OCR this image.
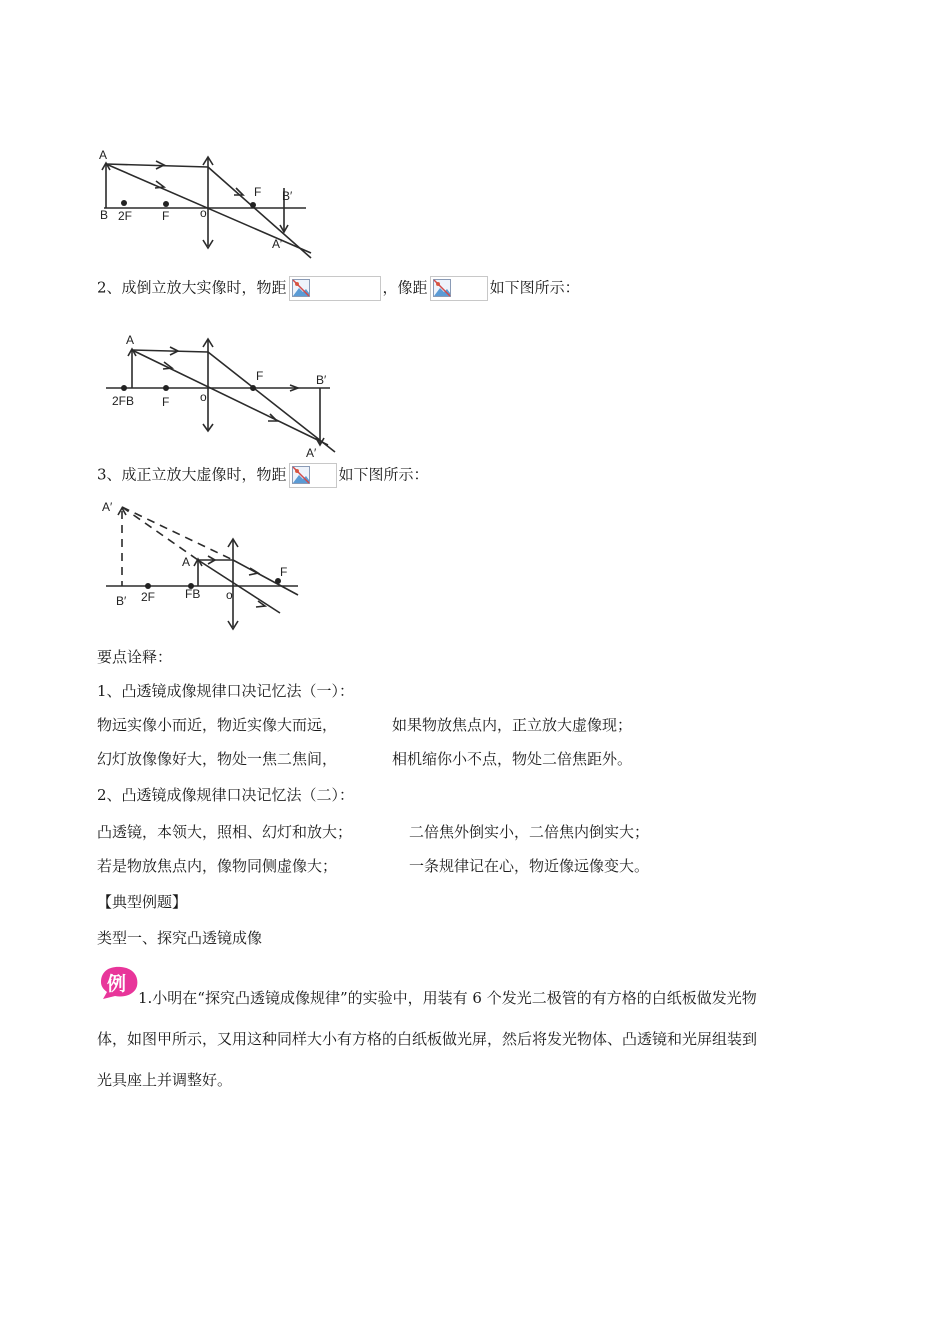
A
B 2F F	o
F B′
A′
2、成倒立放大实像时，物距	，像距	如下图所示：
A
2FB F	o
F	B′
A′
3、成正立放大虚像时，物距	如下图所示：
A′
B′ 2F FB
A
o
F
要点诠释：
1、凸透镜成像规律口决记忆法（一）：
物远实像小而近，物近实像大而远，	如果物放焦点内，正立放大虚像现；
幻灯放像像好大，物处一焦二焦间，	相机缩你小不点，物处二倍焦距外。
2、凸透镜成像规律口决记忆法（二）：
凸透镜，本领大，照相、幻灯和放大；	二倍焦外倒实小，二倍焦内倒实大；
若是物放焦点内，像物同侧虚像大；	一条规律记在心，物近像远像变大。
【典型例题】
类型一、探究凸透镜成像
例
1.小明在“探究凸透镜成像规律”的实验中，用装有 6 个发光二极管的有方格的白纸板做发光物
体，如图甲所示，又用这种同样大小有方格的白纸板做光屏，然后将发光物体、凸透镜和光屏组装到
光具座上并调整好。
